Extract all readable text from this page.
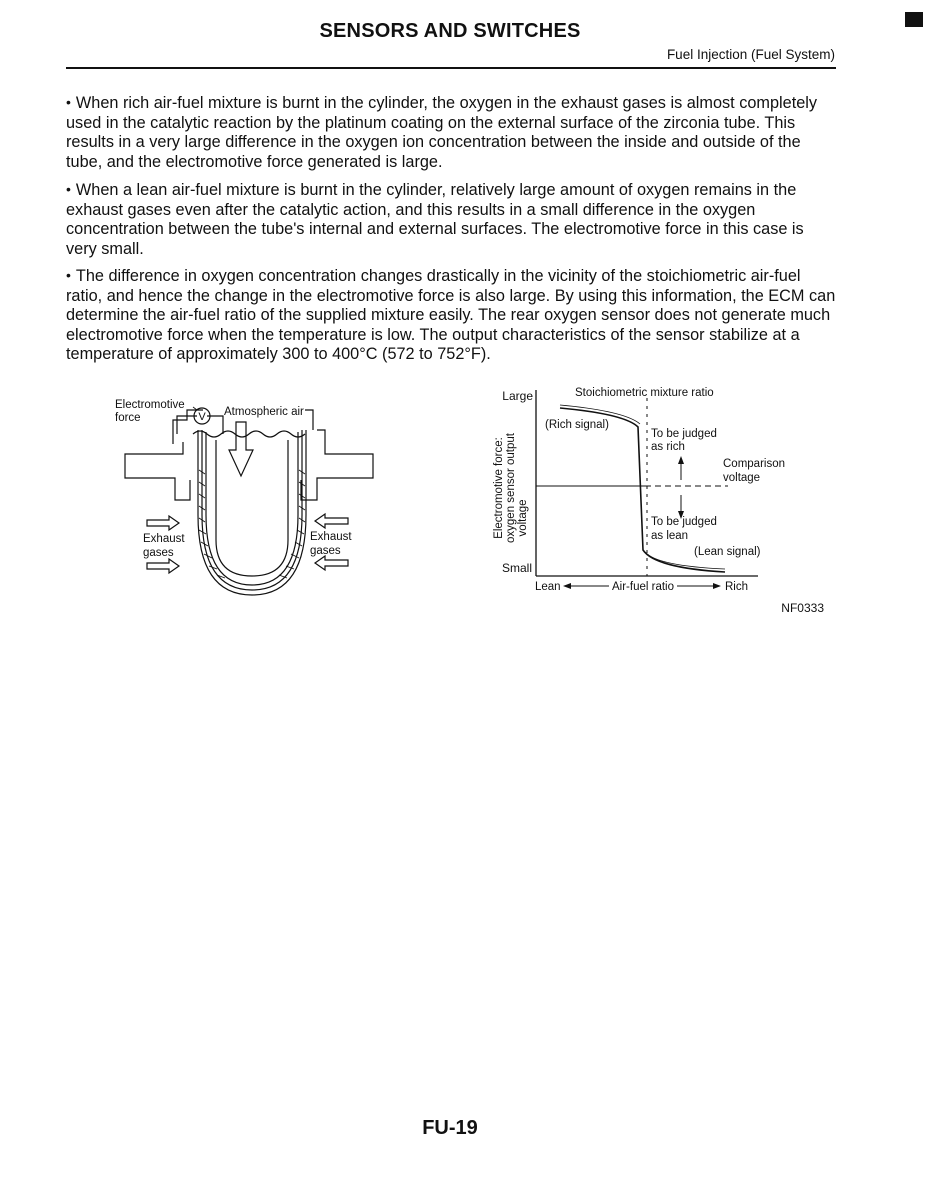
SENSORS AND SWITCHES
Fuel Injection (Fuel System)

• When rich air-fuel mixture is burnt in the cylinder, the oxygen in the exhaust gases is almost completely used in the catalytic reaction by the platinum coating on the external surface of the zirconia tube. This results in a very large difference in the oxygen ion concentration between the inside and outside of the tube, and the electromotive force generated is large.

• When a lean air-fuel mixture is burnt in the cylinder, relatively large amount of oxygen remains in the exhaust gases even after the catalytic action, and this results in a small difference in the oxygen concentration between the tube's internal and external surfaces. The electromotive force in this case is very small.

• The difference in oxygen concentration changes drastically in the vicinity of the stoichiometric air-fuel ratio, and hence the change in the electromotive force is also large. By using this information, the ECM can determine the air-fuel ratio of the supplied mixture easily. The rear oxygen sensor does not generate much electromotive force when the temperature is low. The output characteristics of the sensor stabilize at a temperature of approximately 300 to 400°C (572 to 752°F).

V
Electromotive
force	Atmospheric air
Exhaust
gases
Exhaust
gases
Large
Small
Electromotive force: oxygen sensor output voltage
Stoichiometric mixture ratio
(Rich signal)
To be judged
as rich
Comparison
voltage
To be judged
as lean
(Lean signal)
Lean	Air-fuel ratio	Rich
NF0333
FU-19
